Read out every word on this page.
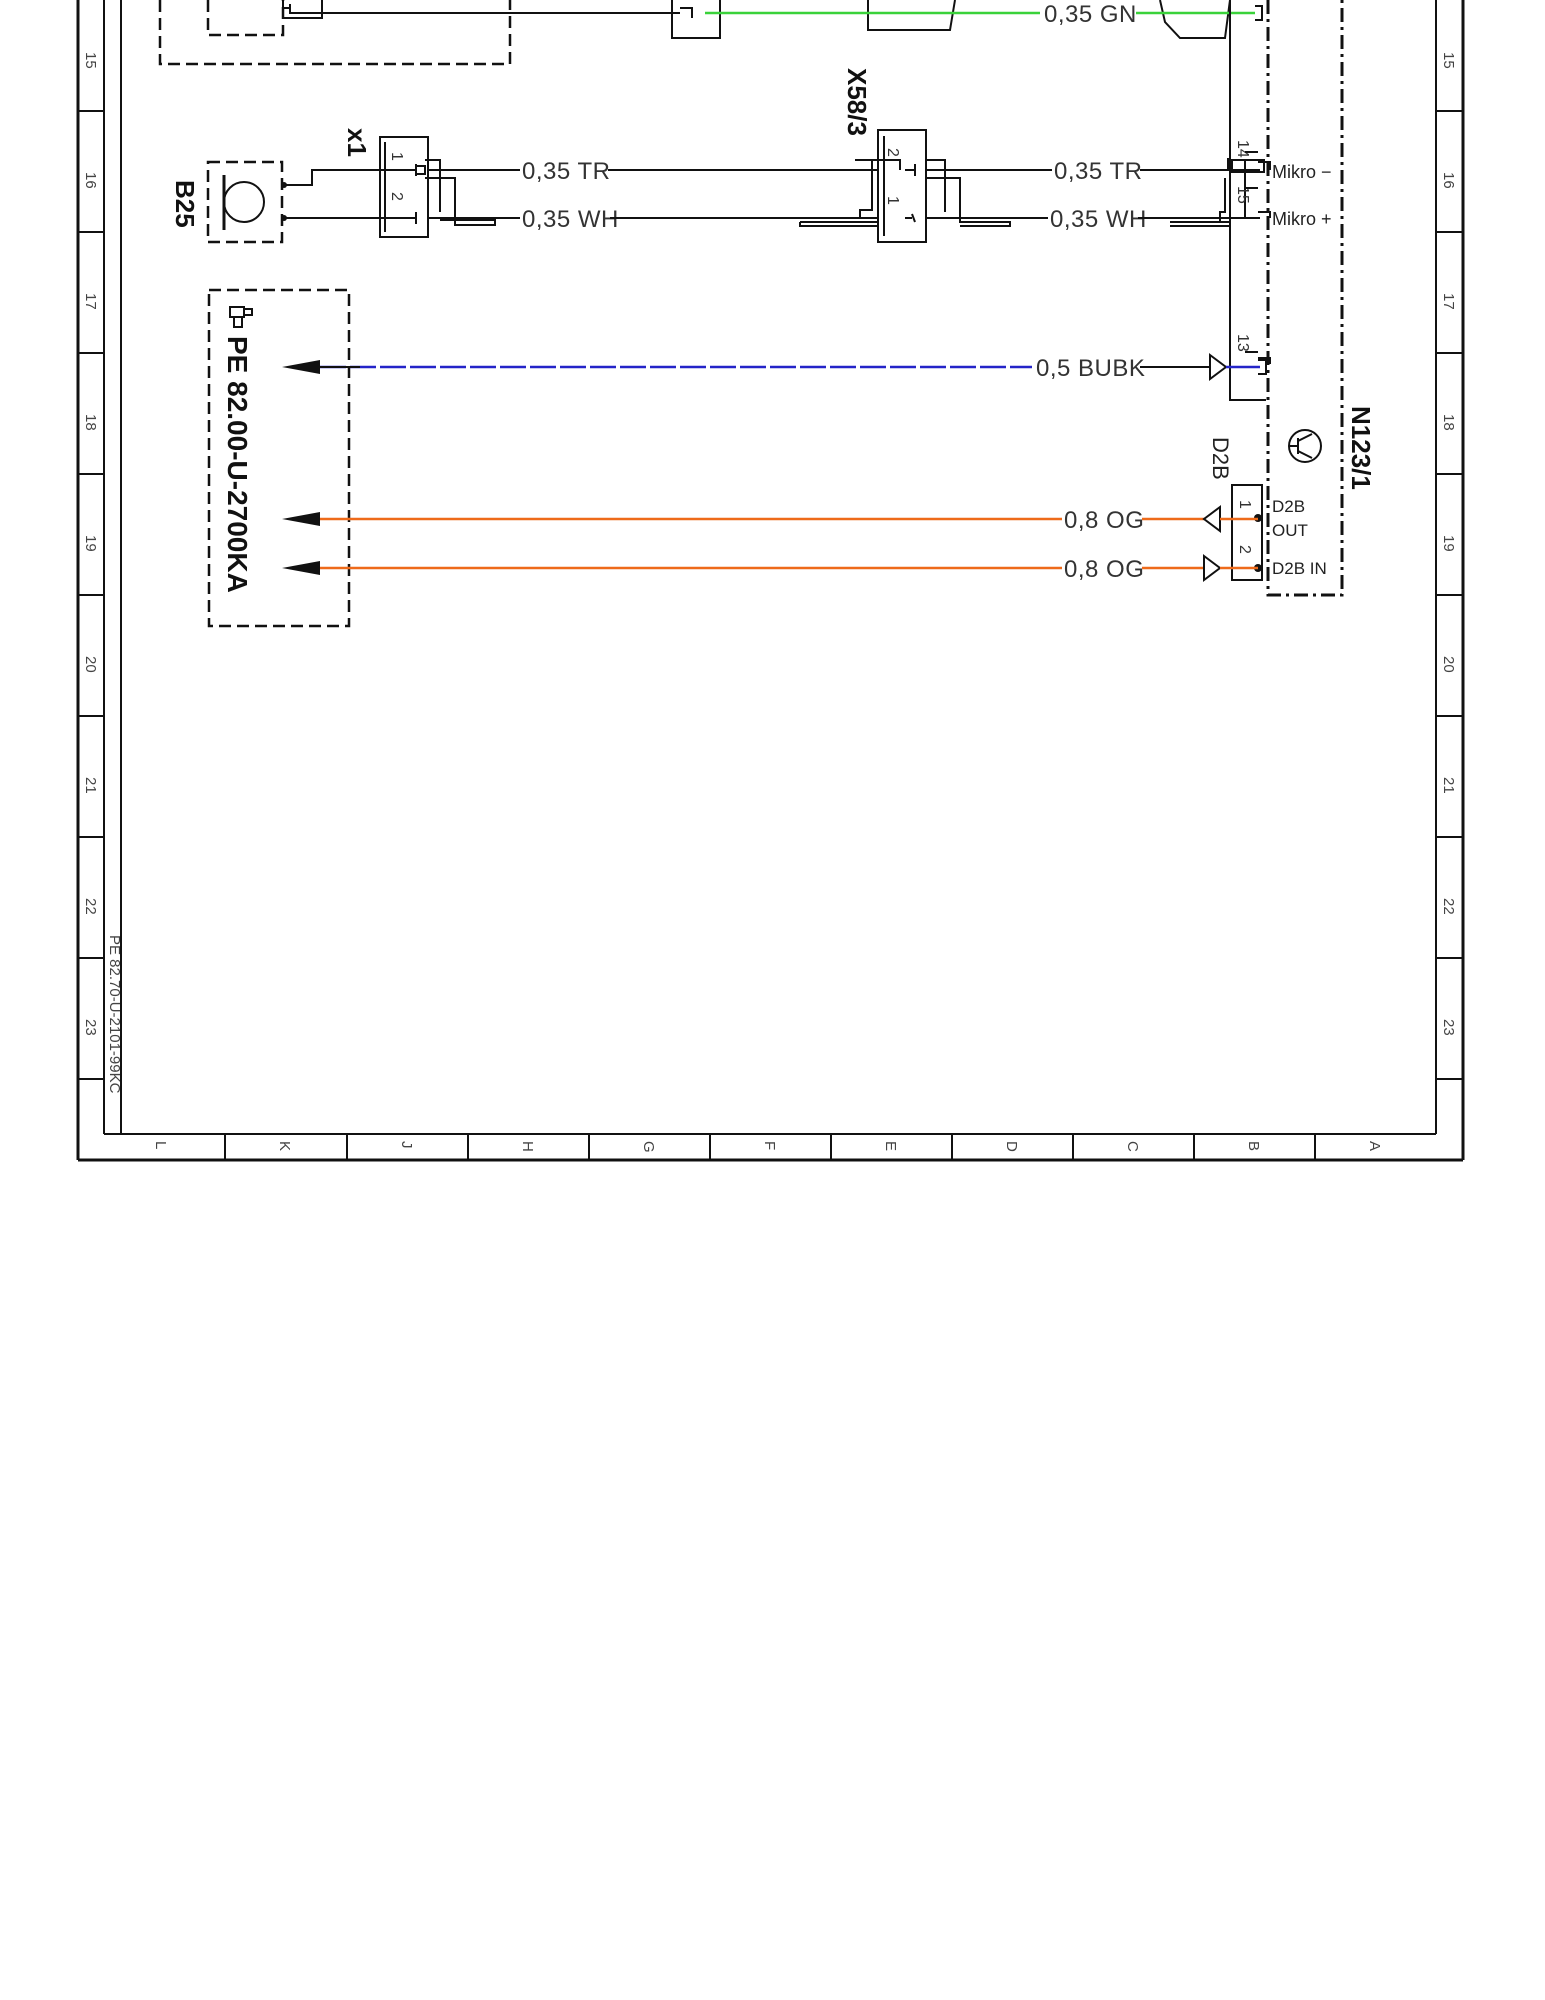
15
16
17
18
19
20
21
22
23
15
16
17
18
19
20
21
22
23
L	K	J	H	G	F	E	D	C	B	A
PE 82.70-U-2101-99KC
0,35 GN
B25
x1 1
2
0,35 TR
0,35 WH
X58/3
2
1
0,35 TR
0,35 WH
14
15
13
N123/1
Mikro −
Mikro +
D2B
OUT
D2B IN
D2B
1
2
PE 82.00-U-2700KA	0,5 BUBK
0,8 OG
0,8 OG
